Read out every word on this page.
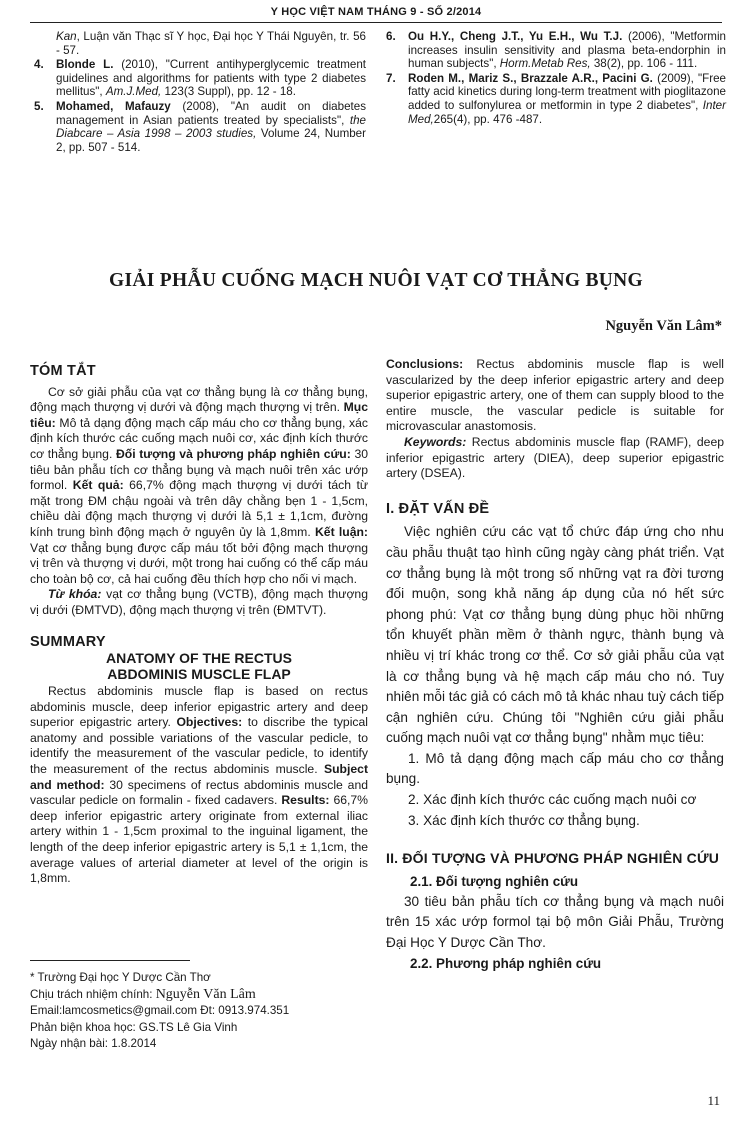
Y HỌC VIỆT NAM THÁNG 9 - SỐ 2/2014
Kan, Luận văn Thạc sĩ Y học, Đại học Y Thái Nguyên, tr. 56 - 57.
4. Blonde L. (2010), "Current antihyperglycemic treatment guidelines and algorithms for patients with type 2 diabetes mellitus", Am.J.Med, 123(3 Suppl), pp. 12 - 18.
5. Mohamed, Mafauzy (2008), "An audit on diabetes management in Asian patients treated by specialists", the Diabcare – Asia 1998 – 2003 studies, Volume 24, Number 2, pp. 507 - 514.
6. Ou H.Y., Cheng J.T., Yu E.H., Wu T.J. (2006), "Metformin increases insulin sensitivity and plasma beta-endorphin in human subjects", Horm.Metab Res, 38(2), pp. 106 - 111.
7. Roden M., Mariz S., Brazzale A.R., Pacini G. (2009), "Free fatty acid kinetics during long-term treatment with pioglitazone added to sulfonylurea or metformin in type 2 diabetes", Inter Med,265(4), pp. 476 -487.
GIẢI PHẪU CUỐNG MẠCH NUÔI VẠT CƠ THẲNG BỤNG
Nguyễn Văn Lâm*
TÓM TẮT

Cơ sở giải phẫu của vạt cơ thẳng bụng là cơ thẳng bụng, động mạch thượng vị dưới và động mạch thượng vị trên. Mục tiêu: Mô tả dạng động mạch cấp máu cho cơ thẳng bụng, xác định kích thước các cuống mạch nuôi cơ, xác định kích thước cơ thẳng bụng. Đối tượng và phương pháp nghiên cứu: 30 tiêu bản phẫu tích cơ thẳng bụng và mạch nuôi trên xác ướp formol. Kết quả: 66,7% động mạch thượng vị dưới tách từ mặt trong ĐM chậu ngoài và trên dây chằng bẹn 1 - 1,5cm, chiều dài động mạch thượng vị dưới là 5,1 ± 1,1cm, đường kính trung bình động mạch ở nguyên ủy là 1,8mm. Kết luận: Vạt cơ thẳng bụng được cấp máu tốt bởi động mạch thượng vị trên và thượng vị dưới, một trong hai cuống có thể cấp máu cho toàn bộ cơ, cả hai cuống đều thích hợp cho nối vi mạch.

Từ khóa: vạt cơ thẳng bụng (VCTB), động mạch thượng vị dưới (ĐMTVD), động mạch thượng vị trên (ĐMTVT).

SUMMARY
ANATOMY OF THE RECTUS
ABDOMINIS MUSCLE FLAP

Rectus abdominis muscle flap is based on rectus abdominis muscle, deep inferior epigastric artery and deep superior epigastric artery. Objectives: to discribe the typical anatomy and possible variations of the vascular pedicle, to identify the measurement of the vascular pedicle, to identify the measurement of the rectus abdominis muscle. Subject and method: 30 specimens of rectus abdominis muscle and vascular pedicle on formalin - fixed cadavers. Results: 66,7% deep inferior epigastric artery originate from external iliac artery within 1 - 1,5cm proximal to the inguinal ligament, the length of the deep inferior epigastric artery is 5,1 ± 1,1cm, the average values of arterial diameter at level of the origin is 1,8mm.

* Trường Đại học Y Dược Cần Thơ
Chịu trách nhiệm chính: Nguyễn Văn Lâm
Email:lamcosmetics@gmail.com Đt: 0913.974.351
Phản biện khoa học: GS.TS Lê Gia Vinh
Ngày nhận bài: 1.8.2014

Conclusions: Rectus abdominis muscle flap is well vascularized by the deep inferior epigastric artery and deep superior epigastric artery, one of them can supply blood to the entire muscle, the vascular pedicle is suitable for microvascular anastomosis.

Keywords: Rectus abdominis muscle flap (RAMF), deep inferior epigastric artery (DIEA), deep superior epigastric artery (DSEA).

I. ĐẶT VẤN ĐỀ

Việc nghiên cứu các vạt tổ chức đáp ứng cho nhu cầu phẫu thuật tạo hình cũng ngày càng phát triển. Vạt cơ thẳng bụng là một trong số những vạt ra đời tương đối muộn, song khả năng áp dụng của nó hết sức phong phú: Vạt cơ thẳng bụng dùng phục hồi những tổn khuyết phần mềm ở thành ngực, thành bụng và nhiều vị trí khác trong cơ thể. Cơ sở giải phẫu của vạt là cơ thẳng bụng và hệ mạch cấp máu cho nó. Tuy nhiên mỗi tác giả có cách mô tả khác nhau tuỳ cách tiếp cận nghiên cứu. Chúng tôi "Nghiên cứu giải phẫu cuống mạch nuôi vạt cơ thẳng bụng" nhằm mục tiêu:

1. Mô tả dạng động mạch cấp máu cho cơ thẳng bụng.

2. Xác định kích thước các cuống mạch nuôi cơ

3. Xác định kích thước cơ thẳng bụng.

II. ĐỐI TƯỢNG VÀ PHƯƠNG PHÁP NGHIÊN CỨU
2.1. Đối tượng nghiên cứu

30 tiêu bản phẫu tích cơ thẳng bụng và mạch nuôi trên 15 xác ướp formol tại bộ môn Giải Phẫu, Trường Đại Học Y Dược Cần Thơ.

2.2. Phương pháp nghiên cứu
11
